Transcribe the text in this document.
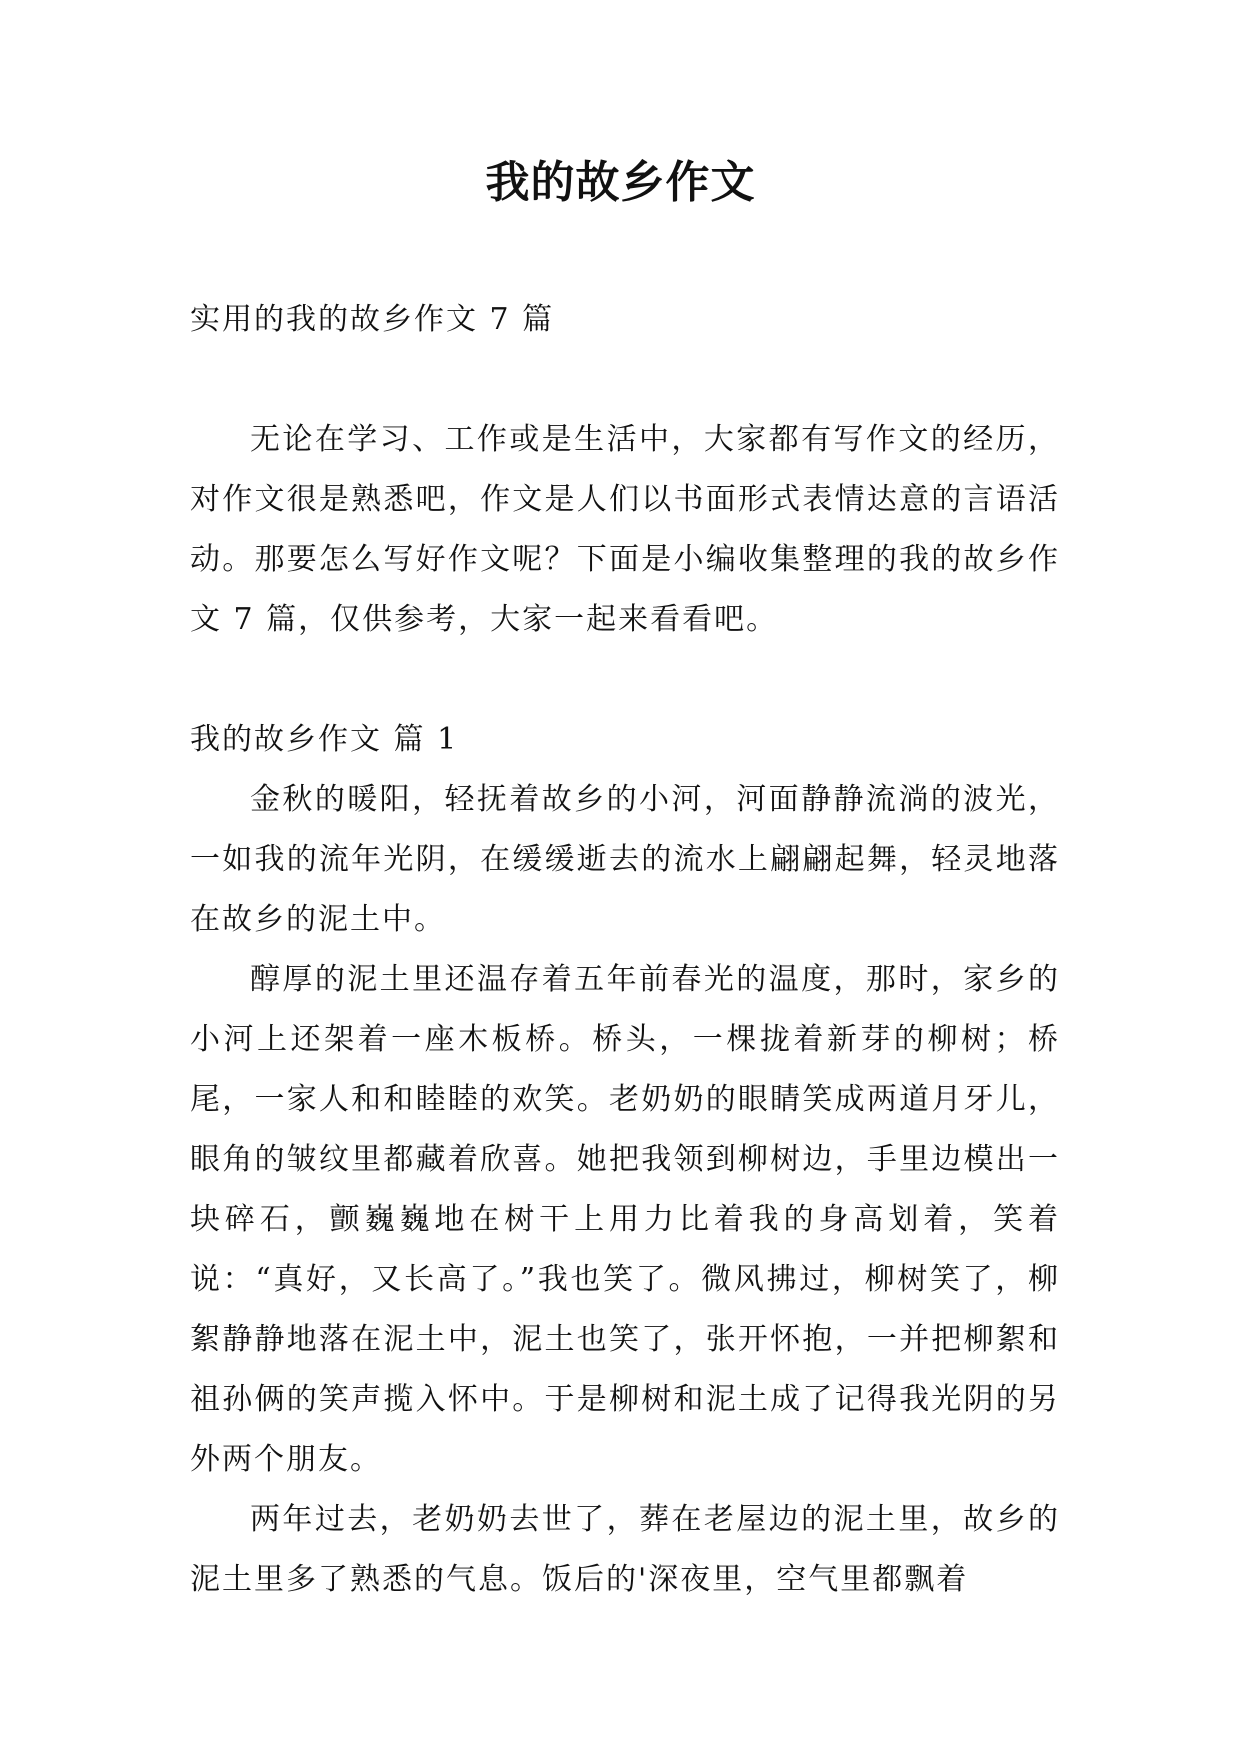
我的故乡作文

实用的我的故乡作文 7 篇

无论在学习、工作或是生活中，大家都有写作文的经历，对作文很是熟悉吧，作文是人们以书面形式表情达意的言语活动。那要怎么写好作文呢？下面是小编收集整理的我的故乡作文 7 篇，仅供参考，大家一起来看看吧。

我的故乡作文 篇 1

金秋的暖阳，轻抚着故乡的小河，河面静静流淌的波光，一如我的流年光阴，在缓缓逝去的流水上翩翩起舞，轻灵地落在故乡的泥土中。

醇厚的泥土里还温存着五年前春光的温度，那时，家乡的小河上还架着一座木板桥。桥头，一棵拢着新芽的柳树；桥尾，一家人和和睦睦的欢笑。老奶奶的眼睛笑成两道月牙儿，眼角的皱纹里都藏着欣喜。她把我领到柳树边，手里边模出一块碎石，颤巍巍地在树干上用力比着我的身高划着，笑着说：“真好，又长高了。”我也笑了。微风拂过，柳树笑了，柳絮静静地落在泥土中，泥土也笑了，张开怀抱，一并把柳絮和祖孙俩的笑声揽入怀中。于是柳树和泥土成了记得我光阴的另外两个朋友。

两年过去，老奶奶去世了，葬在老屋边的泥土里，故乡的泥土里多了熟悉的气息。饭后的'深夜里，空气里都飘着
